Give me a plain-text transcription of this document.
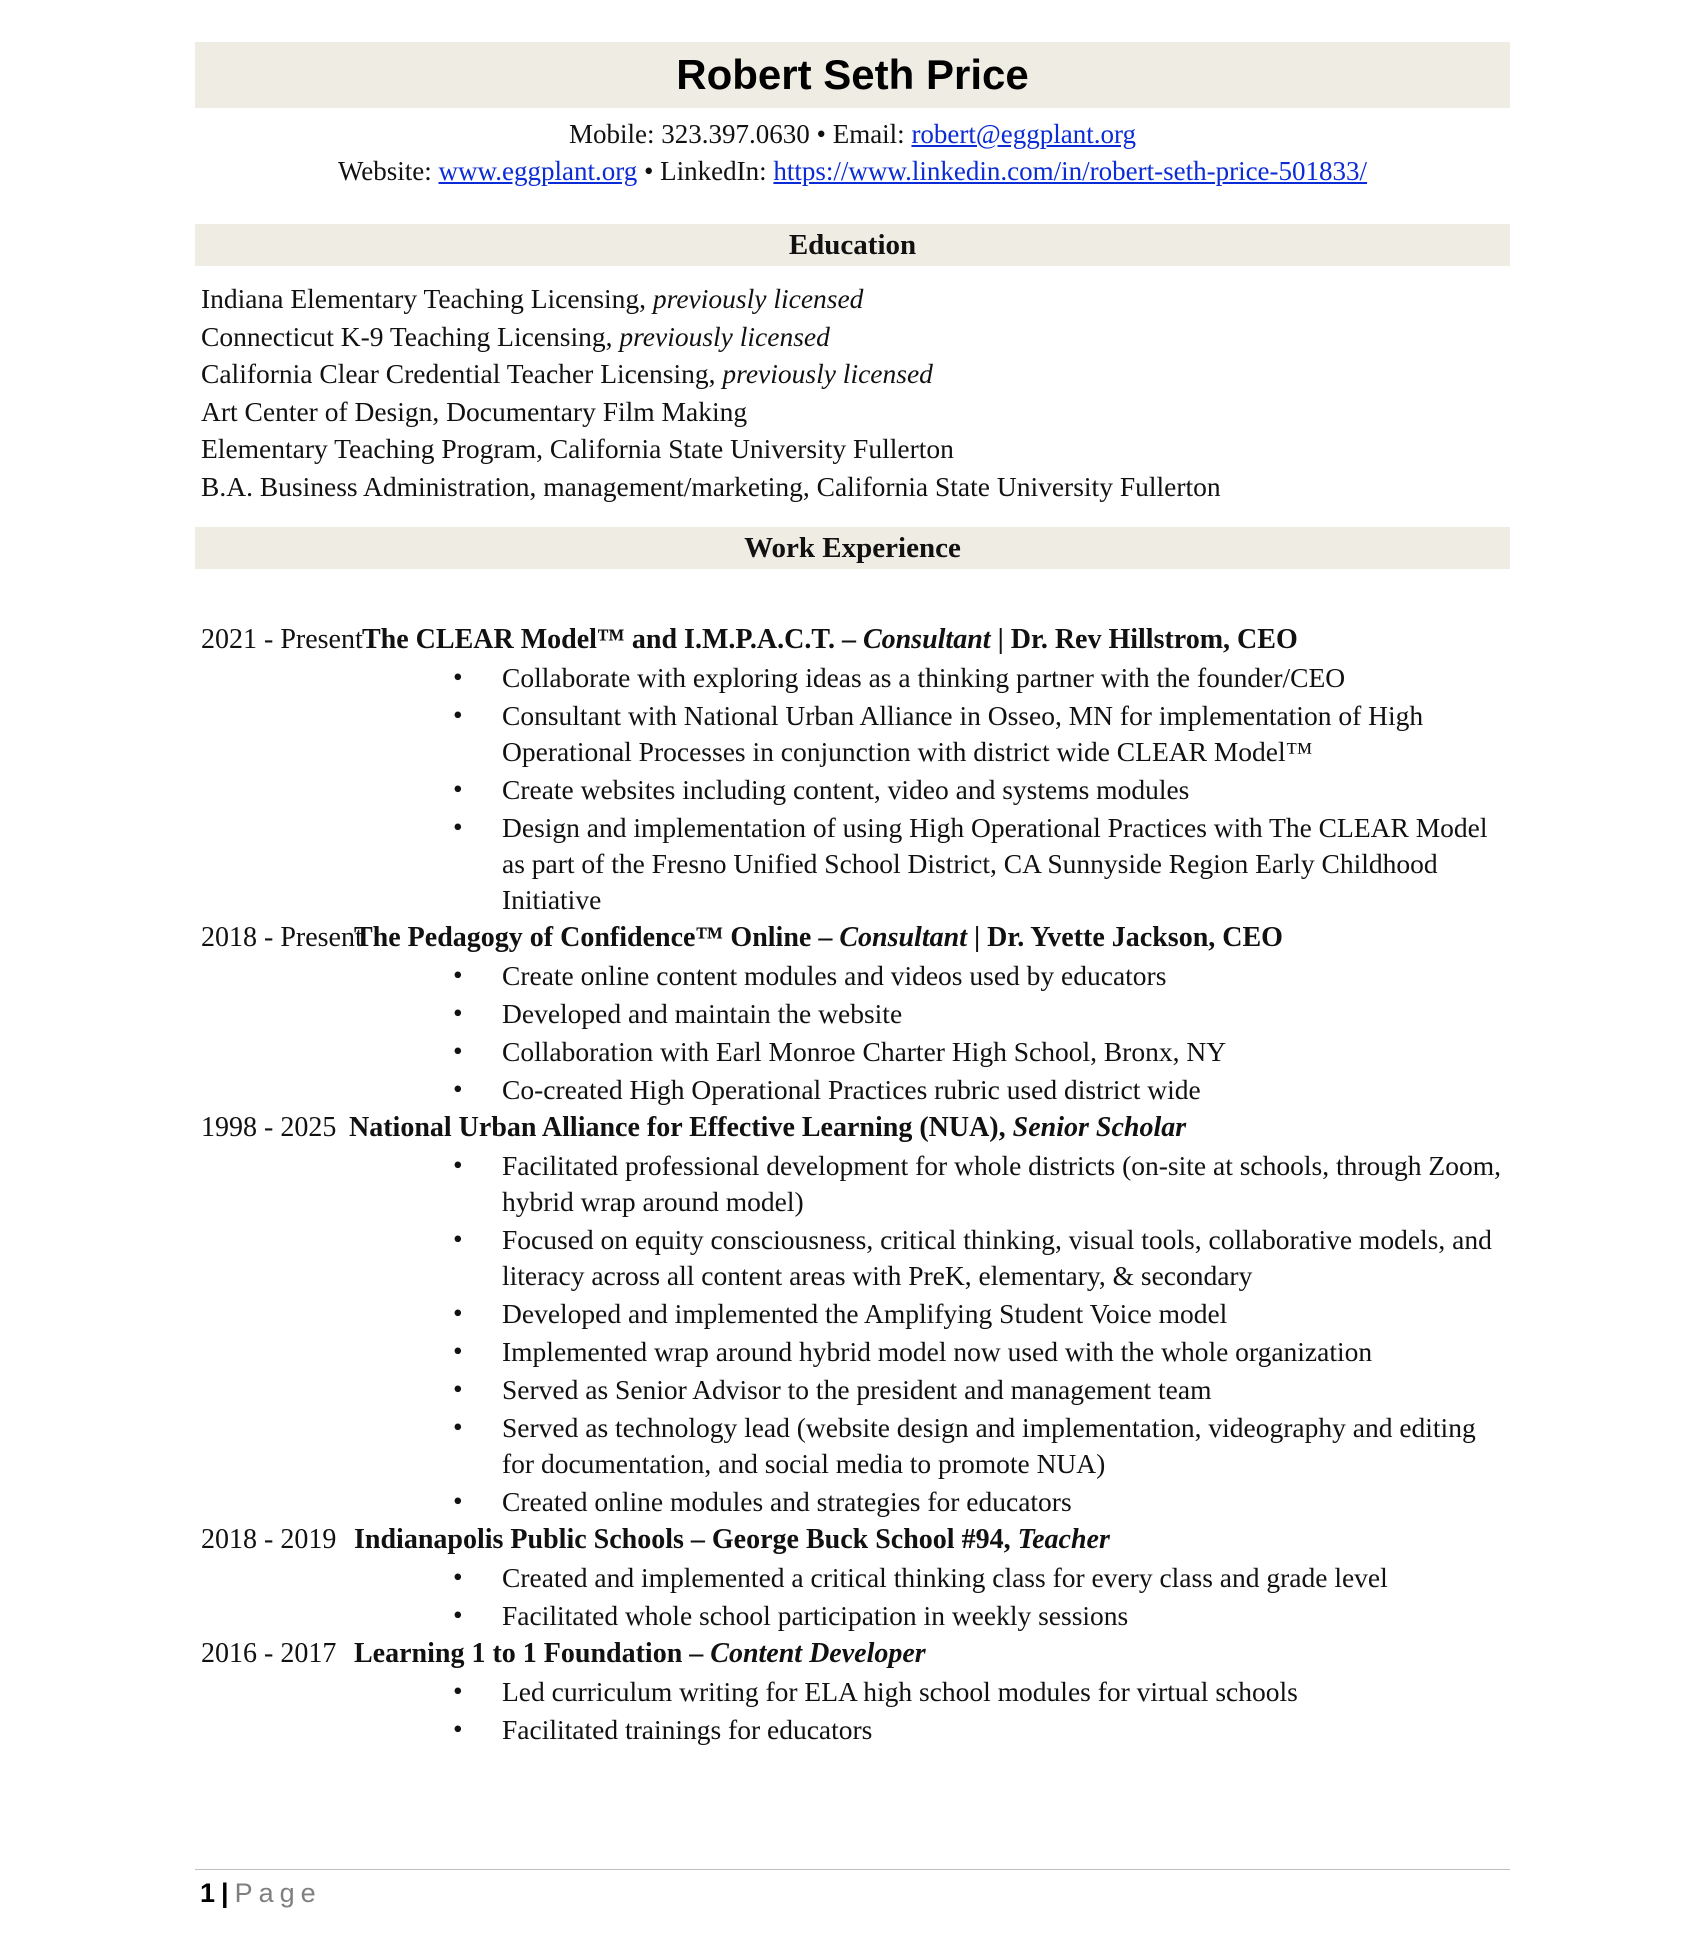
Robert Seth Price
Mobile: 323.397.0630 • Email: robert@eggplant.org
Website: www.eggplant.org • LinkedIn: https://www.linkedin.com/in/robert-seth-price-501833/
Education
Indiana Elementary Teaching Licensing, previously licensed
Connecticut K-9 Teaching Licensing, previously licensed
California Clear Credential Teacher Licensing, previously licensed
Art Center of Design, Documentary Film Making
Elementary Teaching Program, California State University Fullerton
B.A. Business Administration, management/marketing, California State University Fullerton
Work Experience
2021 - Present The CLEAR Model™ and I.M.P.A.C.T. – Consultant | Dr. Rev Hillstrom, CEO
• Collaborate with exploring ideas as a thinking partner with the founder/CEO
• Consultant with National Urban Alliance in Osseo, MN for implementation of High Operational Processes in conjunction with district wide CLEAR Model™
• Create websites including content, video and systems modules
• Design and implementation of using High Operational Practices with The CLEAR Model as part of the Fresno Unified School District, CA Sunnyside Region Early Childhood Initiative
2018 - Present
The Pedagogy of Confidence™ Online – Consultant | Dr. Yvette Jackson, CEO
• Create online content modules and videos used by educators
• Developed and maintain the website
• Collaboration with Earl Monroe Charter High School, Bronx, NY
• Co-created High Operational Practices rubric used district wide
1998 - 2025 National Urban Alliance for Effective Learning (NUA), Senior Scholar
• Facilitated professional development for whole districts (on-site at schools, through Zoom, hybrid wrap around model)
• Focused on equity consciousness, critical thinking, visual tools, collaborative models, and literacy across all content areas with PreK, elementary, & secondary
• Developed and implemented the Amplifying Student Voice model
• Implemented wrap around hybrid model now used with the whole organization
• Served as Senior Advisor to the president and management team
• Served as technology lead (website design and implementation, videography and editing for documentation, and social media to promote NUA)
• Created online modules and strategies for educators
2018 - 2019 Indianapolis Public Schools – George Buck School #94, Teacher
• Created and implemented a critical thinking class for every class and grade level
• Facilitated whole school participation in weekly sessions
2016 - 2017 Learning 1 to 1 Foundation – Content Developer
• Led curriculum writing for ELA high school modules for virtual schools
• Facilitated trainings for educators
1 | Page
